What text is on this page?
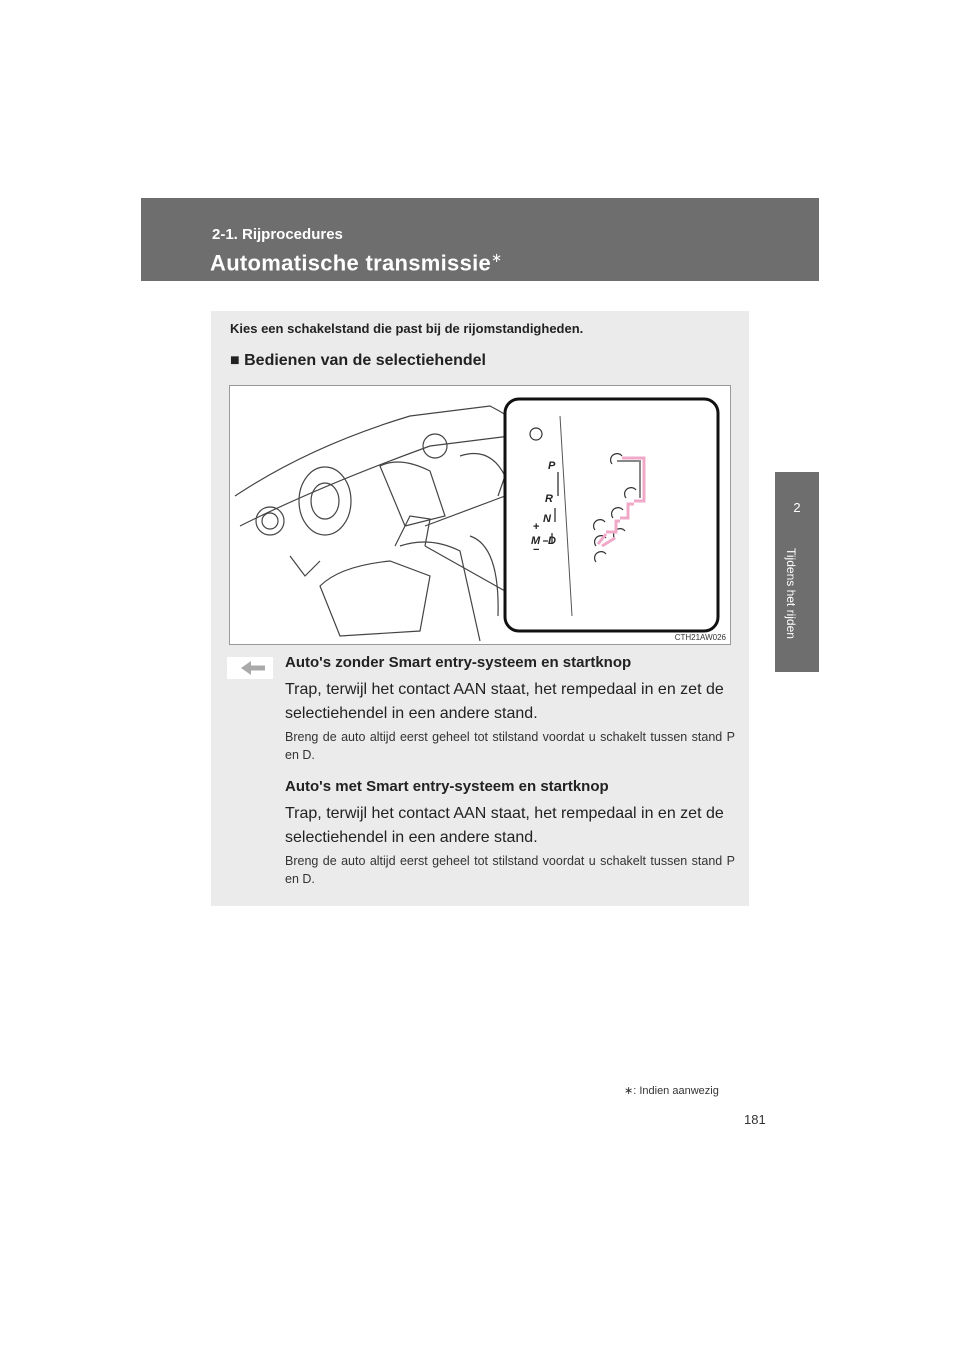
2-1. Rijprocedures
Automatische transmissie∗
2
Tijdens het rijden
Kies een schakelstand die past bij de rijomstandigheden.
■ Bedienen van de selectiehendel
CTH21AW026
P
R
N
D
M
+
−
Auto's zonder Smart entry-systeem en startknop
Trap, terwijl het contact AAN staat, het rempedaal in en zet de selectiehendel in een andere stand.
Breng de auto altijd eerst geheel tot stilstand voordat u schakelt tussen stand P en D.
Auto's met Smart entry-systeem en startknop
Trap, terwijl het contact AAN staat, het rempedaal in en zet de selectiehendel in een andere stand.
Breng de auto altijd eerst geheel tot stilstand voordat u schakelt tussen stand P en D.
∗: Indien aanwezig
181
